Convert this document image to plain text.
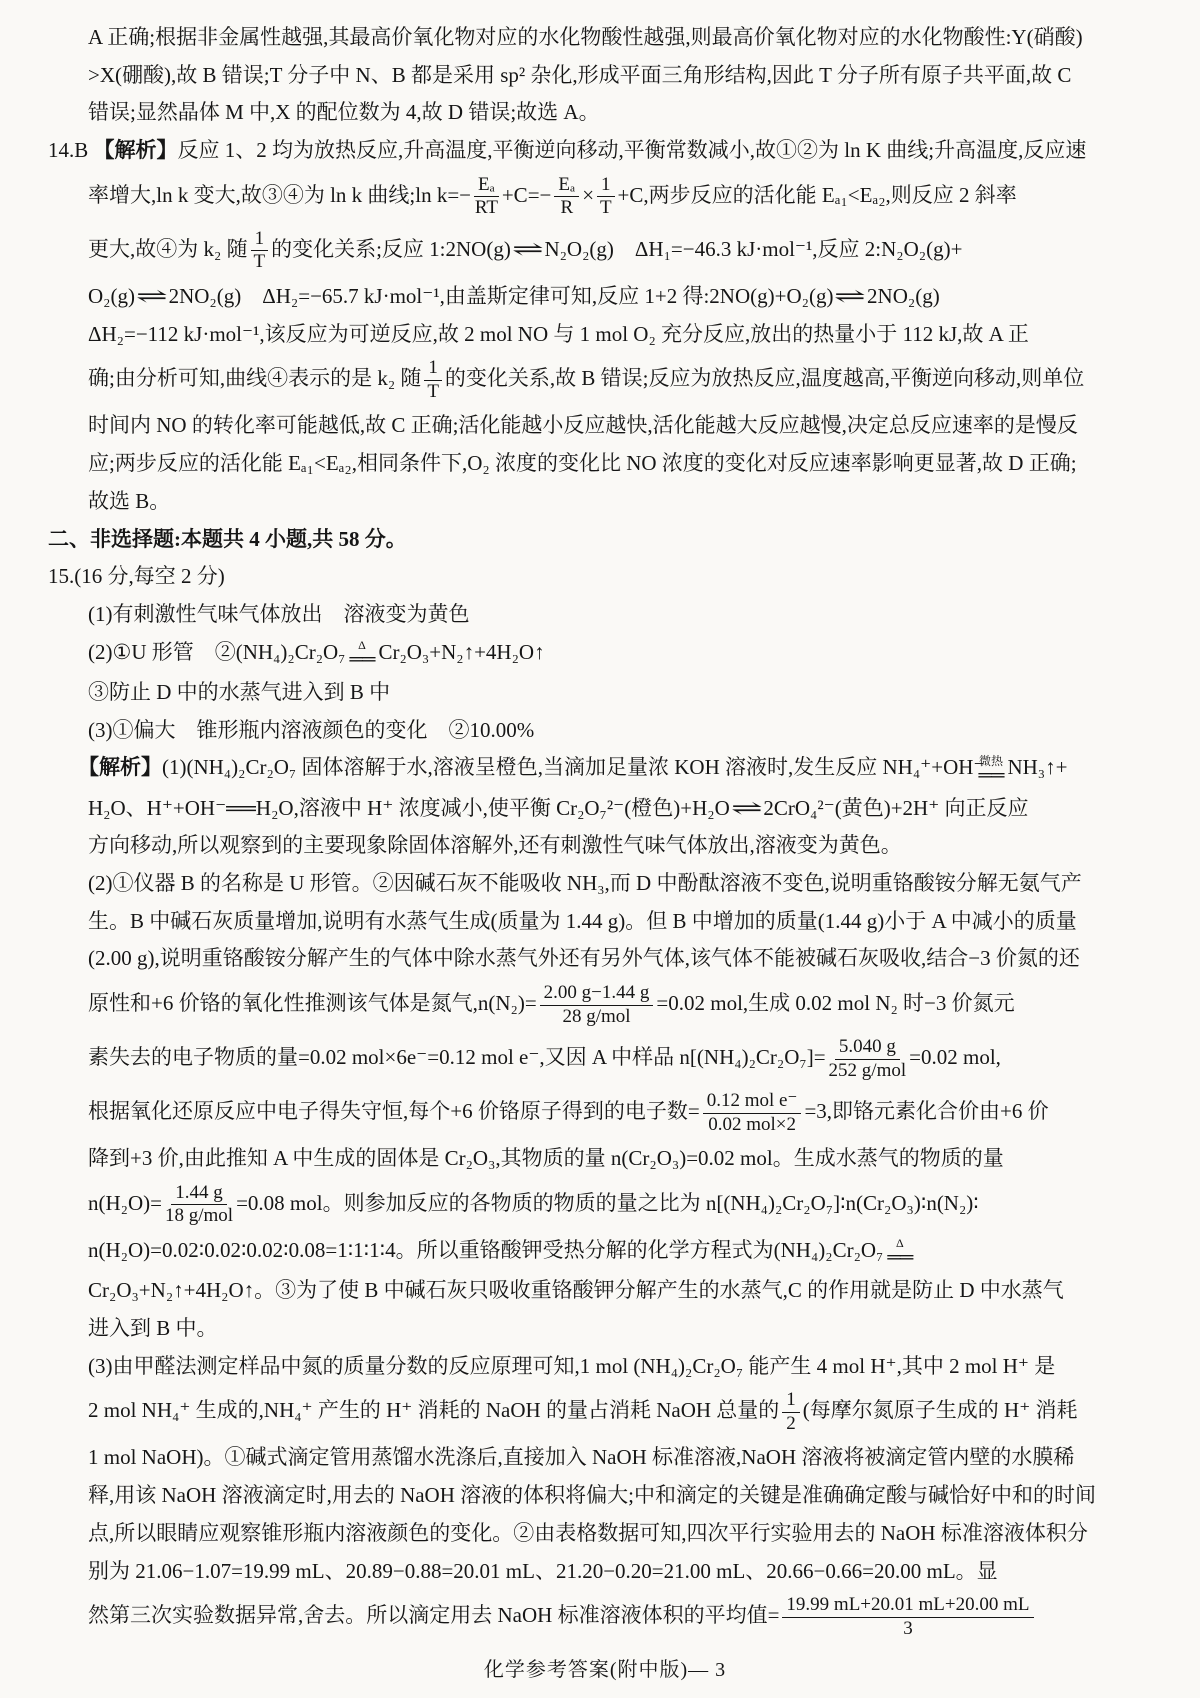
A 正确;根据非金属性越强,其最高价氧化物对应的水化物酸性越强,则最高价氧化物对应的水化物酸性:Y(硝酸)
>X(硼酸),故 B 错误;T 分子中 N、B 都是采用 sp² 杂化,形成平面三角形结构,因此 T 分子所有原子共平面,故 C
错误;显然晶体 M 中,X 的配位数为 4,故 D 错误;故选 A。
14.B 【解析】反应 1、2 均为放热反应,升高温度,平衡逆向移动,平衡常数减小,故①②为 ln K 曲线;升高温度,反应速
率增大,ln k 变大,故③④为 ln k 曲线;ln $k=- \frac{\text{Eₐ}}{RT} +C=- \frac{\text{Eₐ}}{R} \times \frac{1}{T} +C$,两步反应的活化能 Eₐ₁<Eₐ₂,则反应 2 斜率
更大,故④为 k₂ 随 $\frac{1}{T}$ 的变化关系;反应 1:2NO(g)⇌N₂O₂(g)　ΔH₁=−46.3 kJ·mol⁻¹,反应 2:N₂O₂(g)+
O₂(g)⇌2NO₂(g)　ΔH₂=−65.7 kJ·mol⁻¹,由盖斯定律可知,反应 1+2 得:2NO(g)+O₂(g)⇌2NO₂(g)
ΔH₂=−112 kJ·mol⁻¹,该反应为可逆反应,故 2 mol NO 与 1 mol O₂ 充分反应,放出的热量小于 112 kJ,故 A 正
确;由分析可知,曲线④表示的是 k₂ 随 $\frac{1}{T}$ 的变化关系,故 B 错误;反应为放热反应,温度越高,平衡逆向移动,则单位
时间内 NO 的转化率可能越低,故 C 正确;活化能越小反应越快,活化能越大反应越慢,决定总反应速率的是慢反
应;两步反应的活化能 Eₐ₁<Eₐ₂,相同条件下,O₂ 浓度的变化比 NO 浓度的变化对反应速率影响更显著,故 D 正确;
故选 B。
二、非选择题:本题共 4 小题,共 58 分。
15.(16 分,每空 2 分)
(1)有刺激性气味气体放出　溶液变为黄色
(2)①U 形管　②(NH₄)₂Cr₂O₇ Δ
══ Cr₂O₃+N₂↑+4H₂O↑
③防止 D 中的水蒸气进入到 B 中
(3)①偏大　锥形瓶内溶液颜色的变化　②10.00%
【解析】(1)(NH₄)₂Cr₂O₇ 固体溶解于水,溶液呈橙色,当滴加足量浓 KOH 溶液时,发生反应 NH₄⁺+OH⁻
微热
══ NH₃↑+
H₂O、H⁺+OH⁻══H₂O,溶液中 H⁺ 浓度减小,使平衡 Cr₂O₇²⁻(橙色)+H₂O⇌2CrO₄²⁻(黄色)+2H⁺ 向正反应
方向移动,所以观察到的主要现象除固体溶解外,还有刺激性气味气体放出,溶液变为黄色。
(2)①仪器 B 的名称是 U 形管。②因碱石灰不能吸收 NH₃,而 D 中酚酞溶液不变色,说明重铬酸铵分解无氨气产
生。B 中碱石灰质量增加,说明有水蒸气生成(质量为 1.44 g)。但 B 中增加的质量(1.44 g)小于 A 中减小的质量
(2.00 g),说明重铬酸铵分解产生的气体中除水蒸气外还有另外气体,该气体不能被碱石灰吸收,结合−3 价氮的还
原性和+6 价铬的氧化性推测该气体是氮气$,n(N_2)= \frac{2.00 g-1.44 g}{\text{28 g/mol}} =0.02$ mol,生成 0.02 mol N₂ 时−3 价氮元
素失去的电子物质的量=0.02 mol×6e⁻=0.12 mol e⁻,又因 A 中样品 $n[(NH_4)_2Cr_2O_7]= \frac{5.040 g}{\text{252 g/mol}} =0.02$ mol,
根据氧化还原反应中电子得失守恒,每个+6 价铬原子得到的电子数= $\frac{\text{0.12 mol e⁻}}{\text{0.02 mol×2}} =3$,即铬元素化合价由+6 价
降到+3 价,由此推知 A 中生成的固体是 Cr₂O₃,其物质的量 n(Cr₂O₃)=0.02 mol。生成水蒸气的物质的量
$n(H_2O)= \frac{1.44 g}{\text{18 g/mol}} =0.08$ mol。则参加反应的各物质的物质的量之比为 n[(NH₄)₂Cr₂O₇]∶n(Cr₂O₃)∶n(N₂)∶
n(H₂O)=0.02∶0.02∶0.02∶0.08=1∶1∶1∶4。所以重铬酸钾受热分解的化学方程式为(NH₄)₂Cr₂O₇ Δ
══
Cr₂O₃+N₂↑+4H₂O↑。③为了使 B 中碱石灰只吸收重铬酸钾分解产生的水蒸气,C 的作用就是防止 D 中水蒸气
进入到 B 中。
(3)由甲醛法测定样品中氮的质量分数的反应原理可知,1 mol (NH₄)₂Cr₂O₇ 能产生 4 mol H⁺,其中 2 mol H⁺ 是
2 mol NH₄⁺ 生成的,NH₄⁺ 产生的 H⁺ 消耗的 NaOH 的量占消耗 NaOH 总量的 $\frac{1}{2}$ (每摩尔氮原子生成的 H⁺ 消耗
1 mol NaOH)。①碱式滴定管用蒸馏水洗涤后,直接加入 NaOH 标准溶液,NaOH 溶液将被滴定管内壁的水膜稀
释,用该 NaOH 溶液滴定时,用去的 NaOH 溶液的体积将偏大;中和滴定的关键是准确确定酸与碱恰好中和的时间
点,所以眼睛应观察锥形瓶内溶液颜色的变化。②由表格数据可知,四次平行实验用去的 NaOH 标准溶液体积分
别为 21.06−1.07=19.99 mL、20.89−0.88=20.01 mL、21.20−0.20=21.00 mL、20.66−0.66=20.00 mL。显
然第三次实验数据异常,舍去。所以滴定用去 NaOH 标准溶液体积的平均值= $\frac{19.99 mL+20.01 mL+20.00 mL}{3}$
化学参考答案(附中版)— 3
